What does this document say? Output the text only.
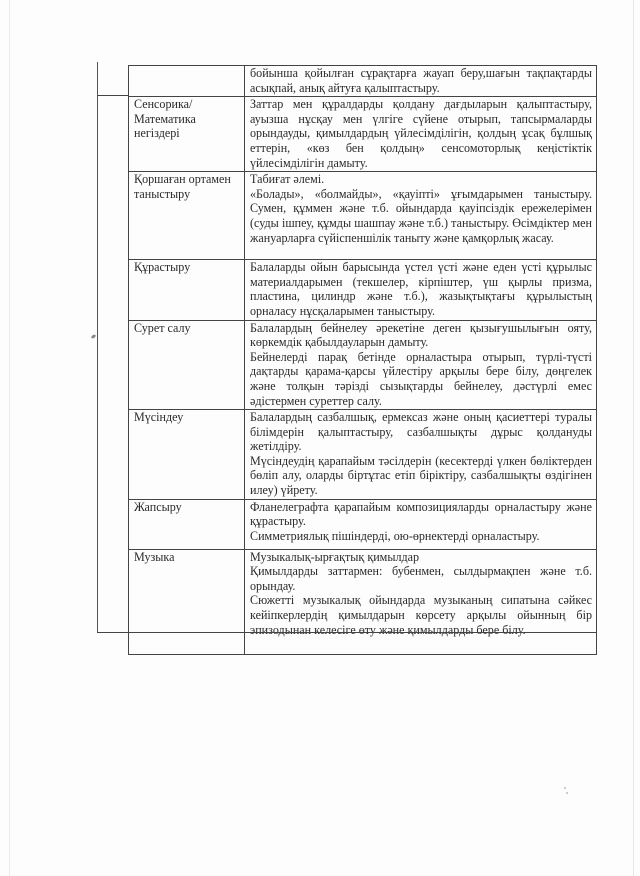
	бойынша қойылған сұрақтарға жауап беру,шағын тақпақтарды асықпай, анық айтуға қалыптастыру.

Сенсорика/ Математика негіздері	Заттар мен құралдарды қолдану дағдыларын қалыптастыру, ауызша нұсқау мен үлгіге сүйене отырып, тапсырмаларды орындауды, қимылдардың үйлесімділігін, қолдың ұсақ бұлшық еттерін, «көз бен қолдың» сенсомоторлық кеңістіктік үйлесімділігін дамыту.

Қоршаған ортамен таныстыру	Табиғат әлемі.
«Болады», «болмайды», «қауіпті» ұғымдарымен таныстыру. Сумен, құммен және т.б. ойындарда қауіпсіздік ережелерімен (суды ішпеу, құмды шашпау және т.б.) таныстыру. Өсімдіктер мен жануарларға сүйіспеншілік таныту және қамқорлық жасау.

Құрастыру	Балаларды ойын барысында үстел үсті және еден үсті құрылыс материалдарымен (текшелер, кірпіштер, үш қырлы призма, пластина, цилиндр және т.б.), жазықтықтағы құрылыстың орналасу нұсқаларымен таныстыру.

Сурет салу	Балалардың бейнелеу әрекетіне деген қызығушылығын ояту, көркемдік қабылдауларын дамыту.
Бейнелерді парақ бетінде орналастыра отырып, түрлі-түсті дақтарды қарама-қарсы үйлестіру арқылы бере білу, дөңгелек және толқын тәрізді сызықтарды бейнелеу, дәстүрлі емес әдістермен суреттер салу.

Мүсіндеу	Балалардың сазбалшық, ермексаз және оның қасиеттері туралы білімдерін қалыптастыру, сазбалшықты дұрыс қолдануды жетілдіру.
Мүсіндеудің қарапайым тәсілдерін (кесектерді үлкен бөліктерден бөліп алу, оларды біртұтас етіп біріктіру, сазбалшықты өздігінен илеу) үйрету.

Жапсыру	Фланелеграфта қарапайым композицияларды орналастыру және құрастыру.
Симметриялық пішіндерді, ою-өрнектерді орналастыру.

Музыка	Музыкалық-ырғақтық қимылдар
Қимылдарды заттармен: бубенмен, сылдырмақпен және т.б. орындау.
Сюжетті музыкалық ойындарда музыканың сипатына сәйкес кейіпкерлердің қимылдарын көрсету арқылы ойынның бір эпизодынан келесіге өту және қимылдарды бере білу.
